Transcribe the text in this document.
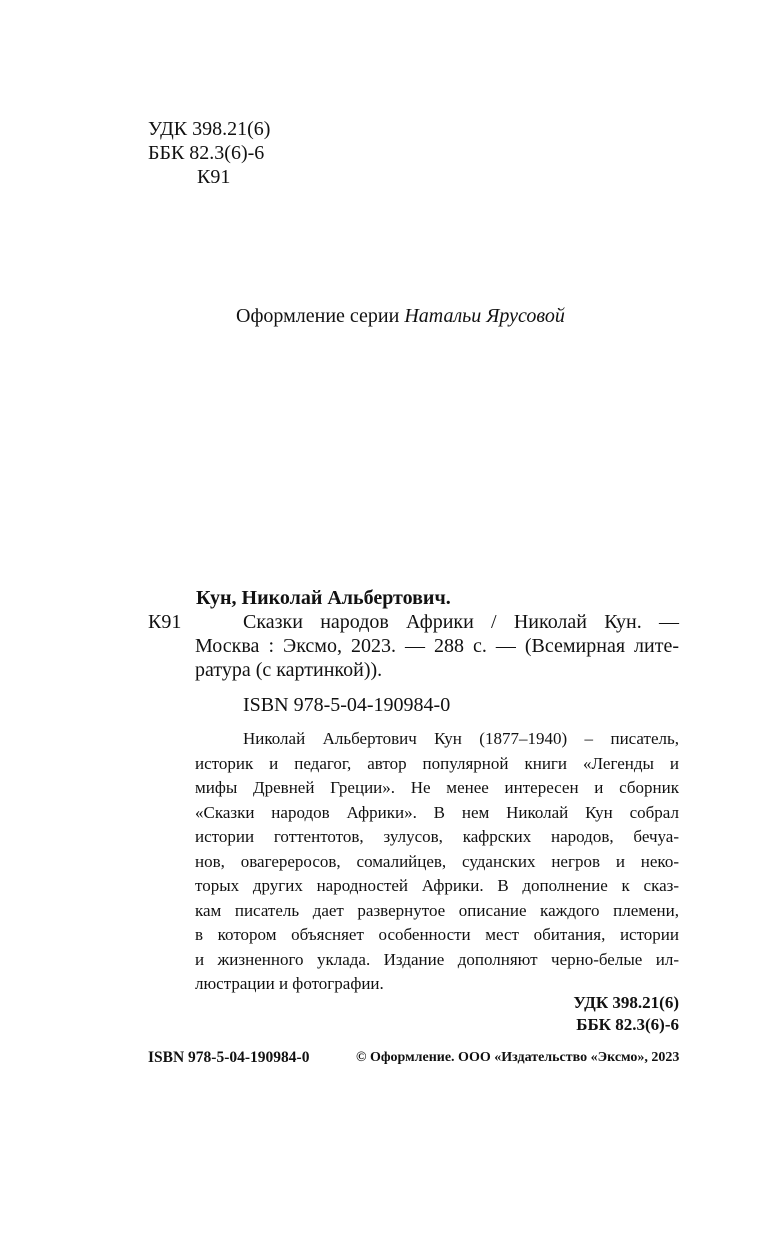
УДК 398.21(6)
ББК 82.3(6)-6
К91
Оформление серии Натальи Ярусовой
Кун, Николай Альбертович.
К91	Сказки народов Африки / Николай Кун. —
Москва : Эксмо, 2023. — 288 с. — (Всемирная лите-
ратура (с картинкой)).
ISBN 978-5-04-190984-0
Николай Альбертович Кун (1877–1940) – писатель,
историк и педагог, автор популярной книги «Легенды и
мифы Древней Греции». Не менее интересен и сборник
«Сказки народов Африки». В нем Николай Кун собрал
истории готтентотов, зулусов, кафрских народов, бечуа-
нов, овагереросов, сомалийцев, суданских негров и неко-
торых других народностей Африки. В дополнение к сказ-
кам писатель дает развернутое описание каждого племени,
в котором объясняет особенности мест обитания, истории
и жизненного уклада. Издание дополняют черно-белые ил-
люстрации и фотографии.
УДК 398.21(6)
ББК 82.3(6)-6
ISBN 978-5-04-190984-0	© Оформление. ООО «Издательство «Эксмо», 2023
